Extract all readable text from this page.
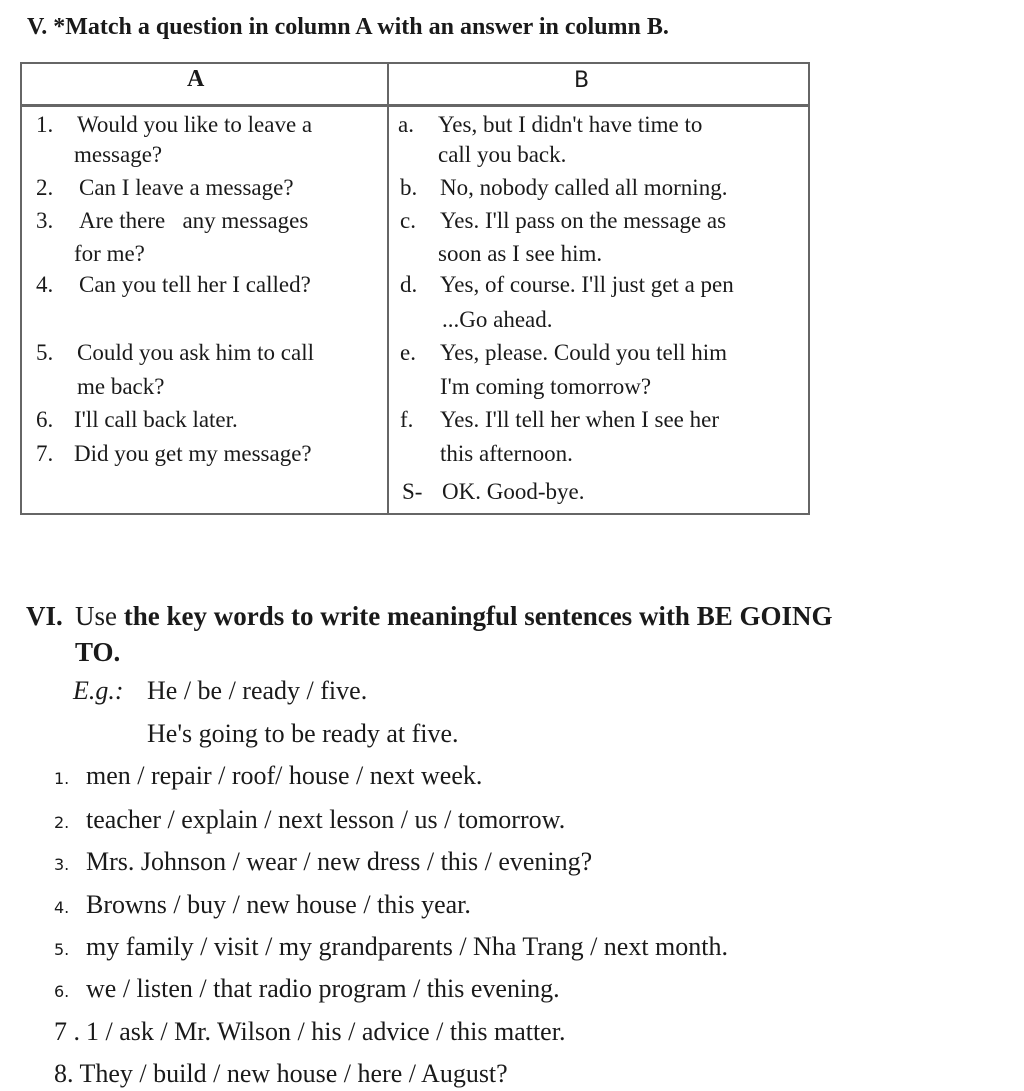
V. *Match a question in column A with an answer in column B.
A	B
1. Would you like to leave a
message?
2. Can I leave a message?
3. Are there   any messages
for me?
4. Can you tell her I called?
5. Could you ask him to call
me back?
6. I'll call back later.
7. Did you get my message?
a. Yes, but I didn't have time to
call you back.
b. No, nobody called all morning.
c. Yes. I'll pass on the message as
soon as I see him.
d. Yes, of course. I'll just get a pen
...Go ahead.
e. Yes, please. Could you tell him
I'm coming tomorrow?
f. Yes. I'll tell her when I see her
this afternoon.
S- OK. Good-bye.
VI. Use the key words to write meaningful sentences with BE GOING
TO.
E.g.: He / be / ready / five.
He's going to be ready at five.
1. men / repair / roof/ house / next week.
2. teacher / explain / next lesson / us / tomorrow.
3. Mrs. Johnson / wear / new dress / this / evening?
4. Browns / buy / new house / this year.
5. my family / visit / my grandparents / Nha Trang / next month.
6. we / listen / that radio program / this evening.
7 . 1 / ask / Mr. Wilson / his / advice / this matter.
8. They / build / new house / here / August?
